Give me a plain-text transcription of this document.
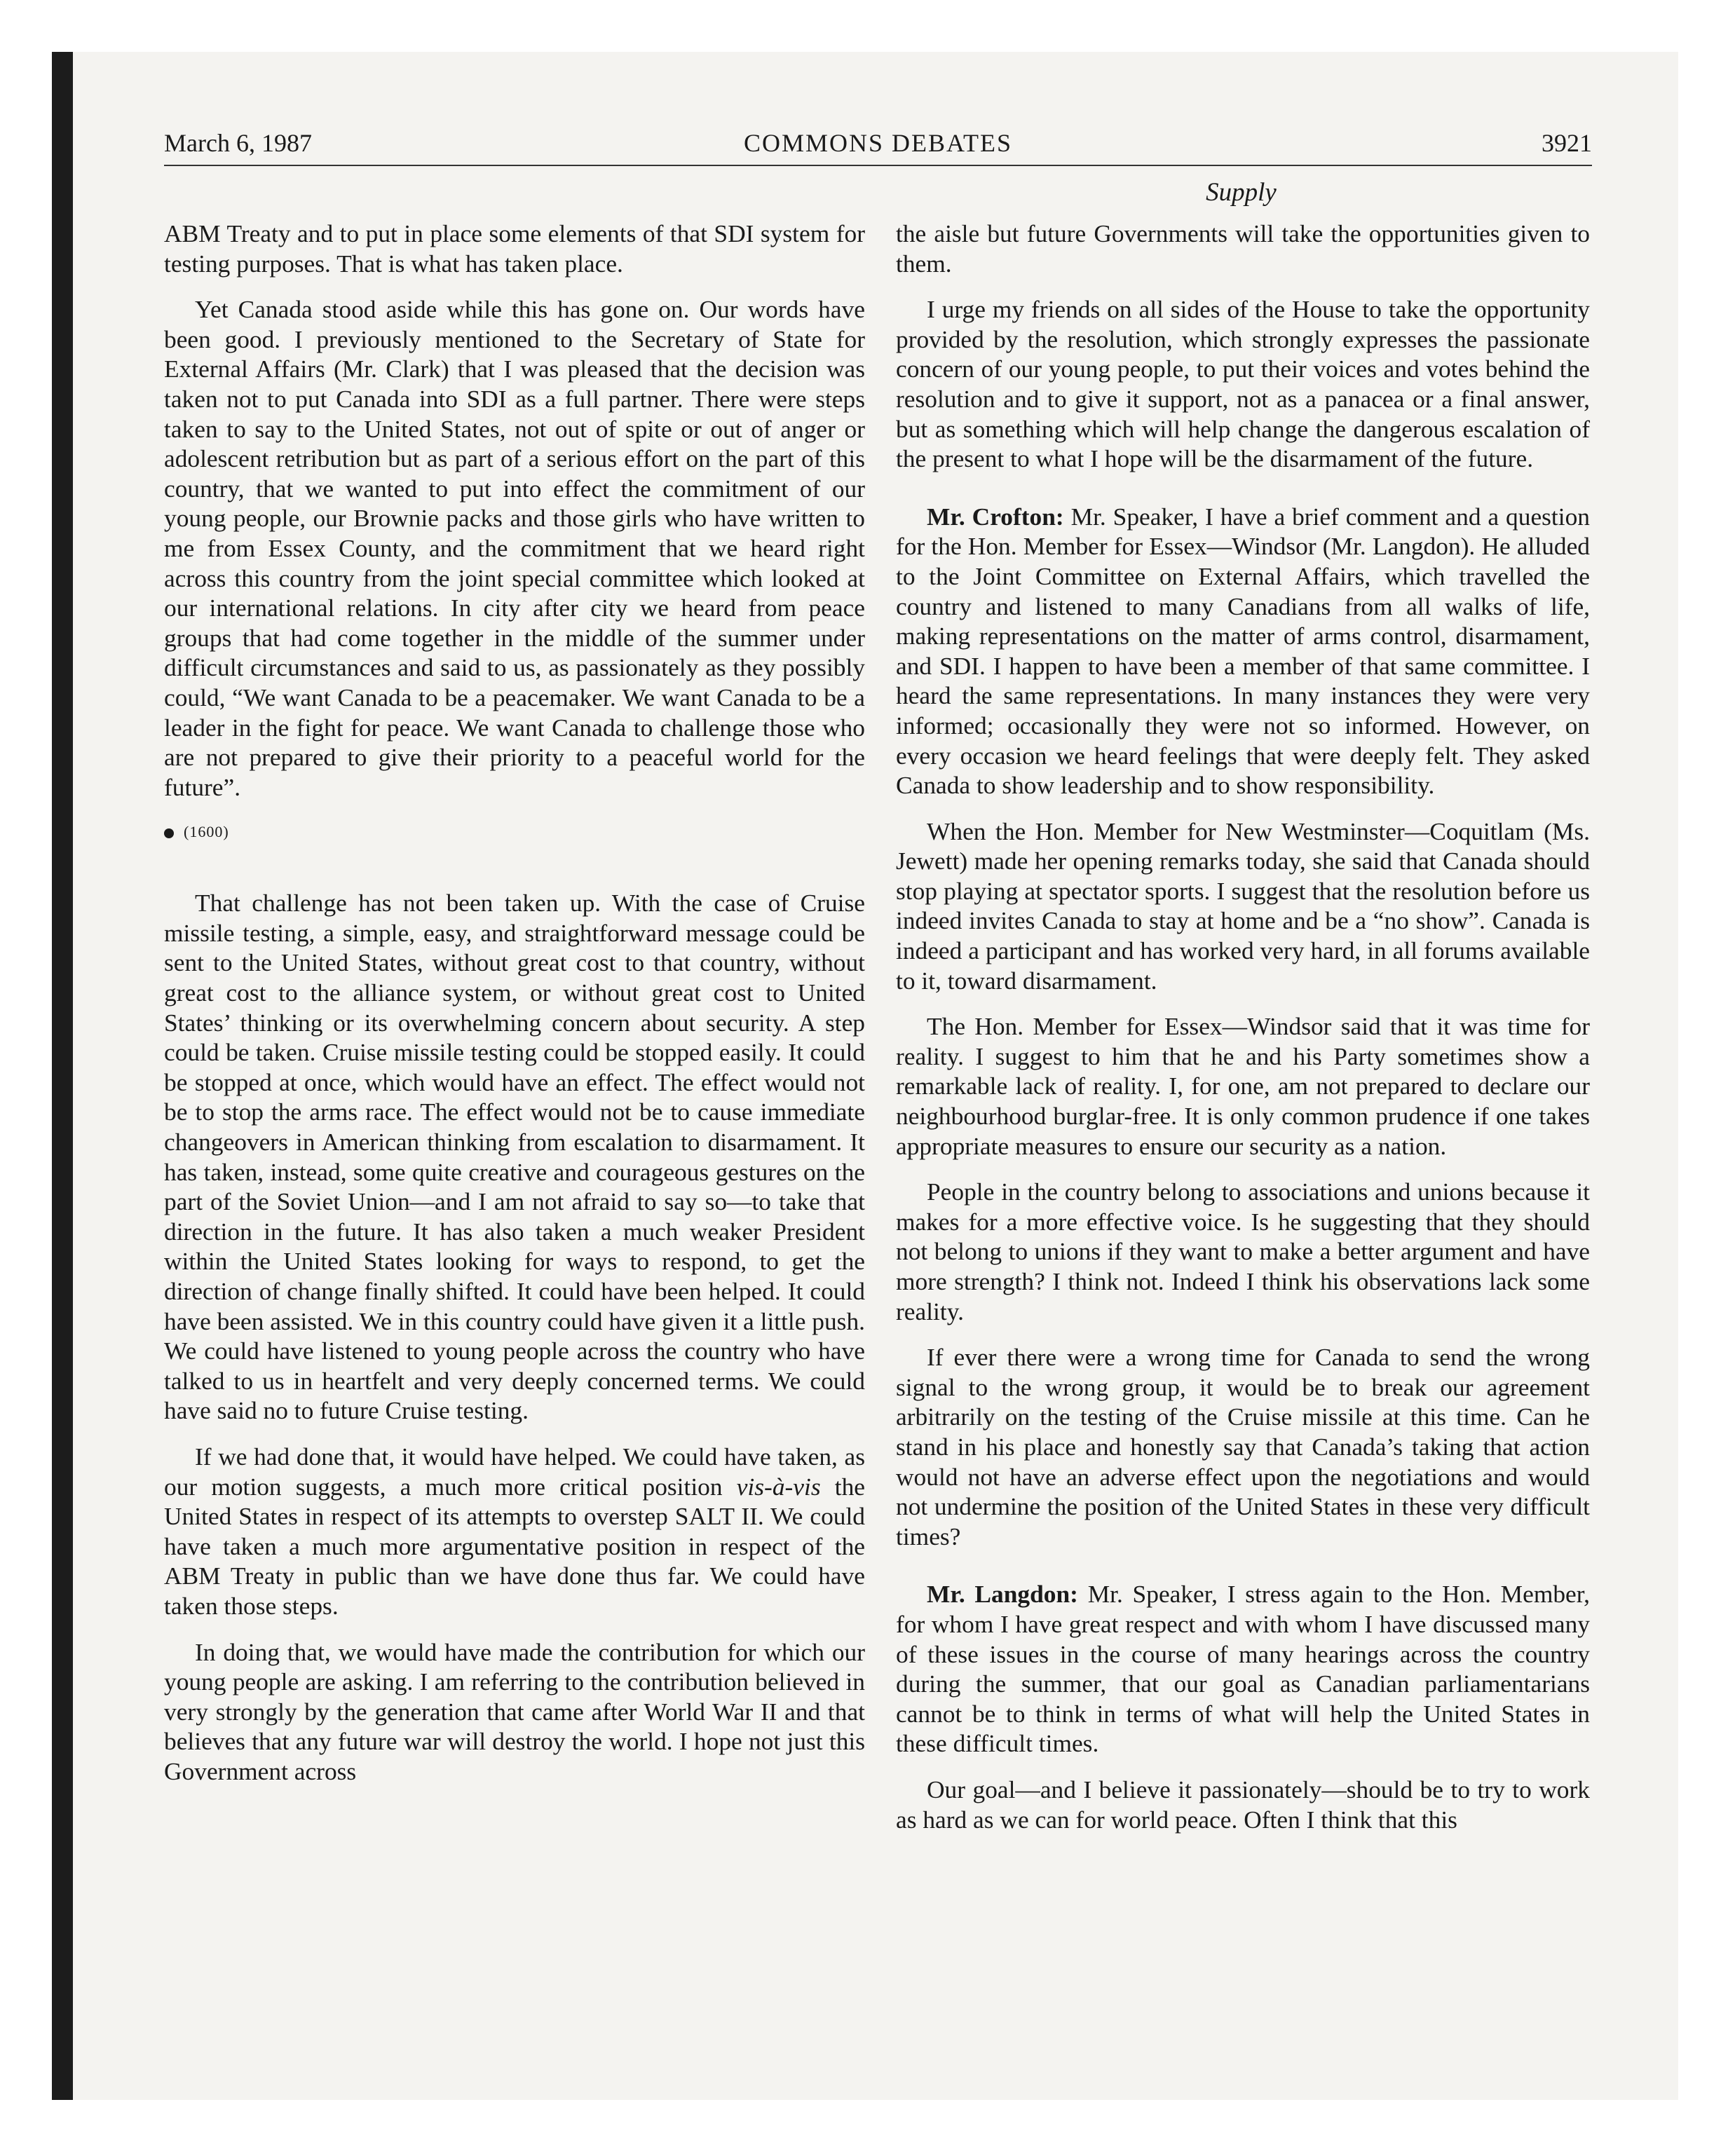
March 6, 1987	COMMONS DEBATES	3921
Supply

ABM Treaty and to put in place some elements of that SDI system for testing purposes. That is what has taken place.

Yet Canada stood aside while this has gone on. Our words have been good. I previously mentioned to the Secretary of State for External Affairs (Mr. Clark) that I was pleased that the decision was taken not to put Canada into SDI as a full partner. There were steps taken to say to the United States, not out of spite or out of anger or adolescent retribution but as part of a serious effort on the part of this country, that we wanted to put into effect the commitment of our young people, our Brownie packs and those girls who have written to me from Essex County, and the commitment that we heard right across this country from the joint special committee which looked at our international relations. In city after city we heard from peace groups that had come together in the middle of the summer under difficult circumstances and said to us, as passionately as they possibly could, “We want Canada to be a peacemaker. We want Canada to be a leader in the fight for peace. We want Canada to challenge those who are not prepared to give their priority to a peaceful world for the future”.

(1600)

That challenge has not been taken up. With the case of Cruise missile testing, a simple, easy, and straightforward message could be sent to the United States, without great cost to that country, without great cost to the alliance system, or without great cost to United States’ thinking or its overwhelming concern about security. A step could be taken. Cruise missile testing could be stopped easily. It could be stopped at once, which would have an effect. The effect would not be to stop the arms race. The effect would not be to cause immediate changeovers in American thinking from escalation to disarmament. It has taken, instead, some quite creative and courageous gestures on the part of the Soviet Union—and I am not afraid to say so—to take that direction in the future. It has also taken a much weaker President within the United States looking for ways to respond, to get the direction of change finally shifted. It could have been helped. It could have been assisted. We in this country could have given it a little push. We could have listened to young people across the country who have talked to us in heartfelt and very deeply concerned terms. We could have said no to future Cruise testing.

If we had done that, it would have helped. We could have taken, as our motion suggests, a much more critical position vis-à-vis the United States in respect of its attempts to overstep SALT II. We could have taken a much more argumentative position in respect of the ABM Treaty in public than we have done thus far. We could have taken those steps.

In doing that, we would have made the contribution for which our young people are asking. I am referring to the contribution believed in very strongly by the generation that came after World War II and that believes that any future war will destroy the world. I hope not just this Government across

the aisle but future Governments will take the opportunities given to them.

I urge my friends on all sides of the House to take the opportunity provided by the resolution, which strongly expresses the passionate concern of our young people, to put their voices and votes behind the resolution and to give it support, not as a panacea or a final answer, but as something which will help change the dangerous escalation of the present to what I hope will be the disarmament of the future.

Mr. Crofton: Mr. Speaker, I have a brief comment and a question for the Hon. Member for Essex—Windsor (Mr. Langdon). He alluded to the Joint Committee on External Affairs, which travelled the country and listened to many Canadians from all walks of life, making representations on the matter of arms control, disarmament, and SDI. I happen to have been a member of that same committee. I heard the same representations. In many instances they were very informed; occasionally they were not so informed. However, on every occasion we heard feelings that were deeply felt. They asked Canada to show leadership and to show responsibility.

When the Hon. Member for New Westminster—Coquitlam (Ms. Jewett) made her opening remarks today, she said that Canada should stop playing at spectator sports. I suggest that the resolution before us indeed invites Canada to stay at home and be a “no show”. Canada is indeed a participant and has worked very hard, in all forums available to it, toward disarmament.

The Hon. Member for Essex—Windsor said that it was time for reality. I suggest to him that he and his Party sometimes show a remarkable lack of reality. I, for one, am not prepared to declare our neighbourhood burglar-free. It is only common prudence if one takes appropriate measures to ensure our security as a nation.

People in the country belong to associations and unions because it makes for a more effective voice. Is he suggesting that they should not belong to unions if they want to make a better argument and have more strength? I think not. Indeed I think his observations lack some reality.

If ever there were a wrong time for Canada to send the wrong signal to the wrong group, it would be to break our agreement arbitrarily on the testing of the Cruise missile at this time. Can he stand in his place and honestly say that Canada’s taking that action would not have an adverse effect upon the negotiations and would not undermine the position of the United States in these very difficult times?

Mr. Langdon: Mr. Speaker, I stress again to the Hon. Member, for whom I have great respect and with whom I have discussed many of these issues in the course of many hearings across the country during the summer, that our goal as Canadian parliamentarians cannot be to think in terms of what will help the United States in these difficult times.

Our goal—and I believe it passionately—should be to try to work as hard as we can for world peace. Often I think that this
